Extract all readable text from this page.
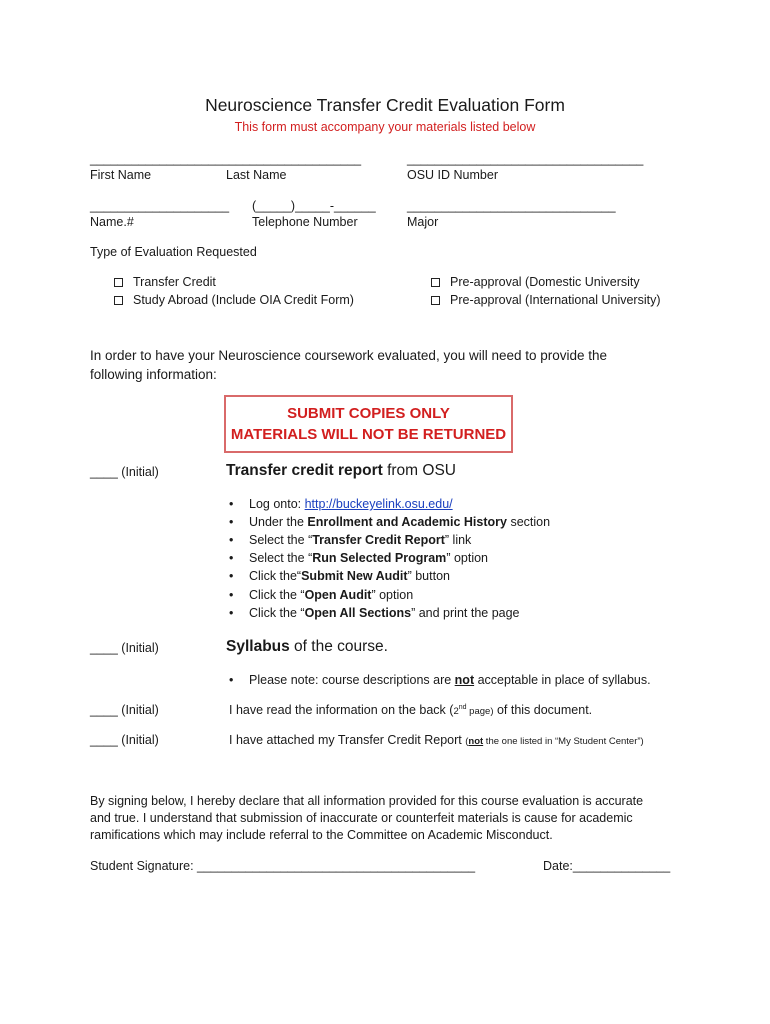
Neuroscience Transfer Credit Evaluation Form
This form must accompany your materials listed below
_______________________________________	__________________________________
First Name	Last Name	OSU ID Number
____________________ (_____)_____-______	______________________________
Name.#	Telephone Number	Major
Type of Evaluation Requested
Transfer Credit
Study Abroad (Include OIA Credit Form)
Pre-approval (Domestic University
Pre-approval (International University)
In order to have your Neuroscience coursework evaluated, you will need to provide the
following information:
SUBMIT COPIES ONLY
MATERIALS WILL NOT BE RETURNED
____ (Initial)	Transfer credit report from OSU
• Log onto: http://buckeyelink.osu.edu/
• Under the Enrollment and Academic History section
• Select the “Transfer Credit Report” link
• Select the “Run Selected Program” option
• Click the“Submit New Audit” button
• Click the “Open Audit” option
• Click the “Open All Sections” and print the page
____ (Initial)	Syllabus of the course.
• Please note: course descriptions are not acceptable in place of syllabus.
____ (Initial)	I have read the information on the back (2nd page) of this document.
____ (Initial)	I have attached my Transfer Credit Report (not the one listed in “My Student Center”)
By signing below, I hereby declare that all information provided for this course evaluation is accurate
and true. I understand that submission of inaccurate or counterfeit materials is cause for academic
ramifications which may include referral to the Committee on Academic Misconduct.
Student Signature: ________________________________________	Date:______________
